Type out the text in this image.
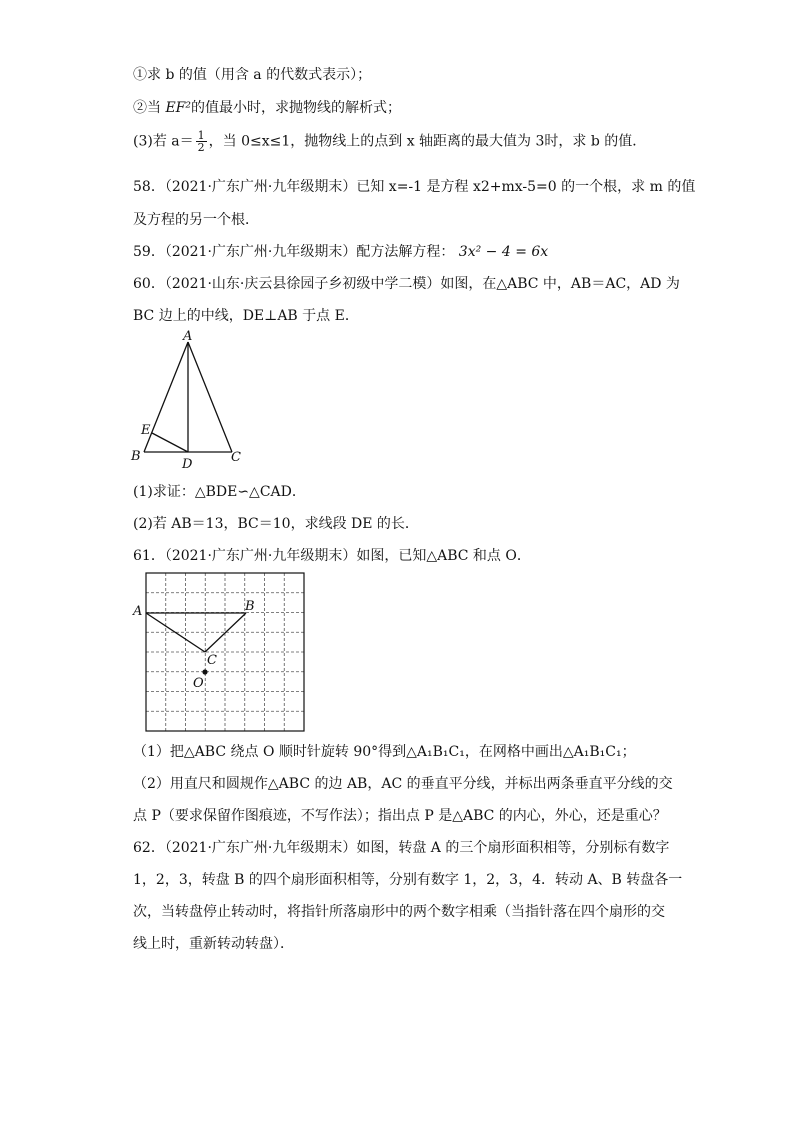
①求 b 的值（用含 a 的代数式表示）；
②当 EF²的值最小时，求抛物线的解析式；
(3)若 $a= \frac{1}{2}$ ，当 0≤x≤1，抛物线上的点到 x 轴距离的最大值为 3时，求 b 的值．
58．（2021·广东广州·九年级期末）已知 x=-1 是方程 x2+mx-5=0 的一个根，求 m 的值
及方程的另一个根．
59．（2021·广东广州·九年级期末）配方法解方程： 3x² − 4 = 6x
60．（2021·山东·庆云县徐园子乡初级中学二模）如图，在△ABC 中，AB＝AC，AD 为
BC 边上的中线，DE⊥AB 于点 E．
A
B	C
D
E
(1)求证：△BDE∽△CAD．
(2)若 AB＝13，BC＝10，求线段 DE 的长．
61．（2021·广东广州·九年级期末）如图，已知△ABC 和点 O．
A	B
C
O
（1）把△ABC 绕点 O 顺时针旋转 90°得到△A₁B₁C₁，在网格中画出△A₁B₁C₁；
（2）用直尺和圆规作△ABC 的边 AB，AC 的垂直平分线，并标出两条垂直平分线的交
点 P（要求保留作图痕迹，不写作法）；指出点 P 是△ABC 的内心，外心，还是重心？
62．（2021·广东广州·九年级期末）如图，转盘 A 的三个扇形面积相等，分别标有数字
1，2，3，转盘 B 的四个扇形面积相等，分别有数字 1，2，3，4．转动 A、B 转盘各一
次，当转盘停止转动时，将指针所落扇形中的两个数字相乘（当指针落在四个扇形的交
线上时，重新转动转盘）．
